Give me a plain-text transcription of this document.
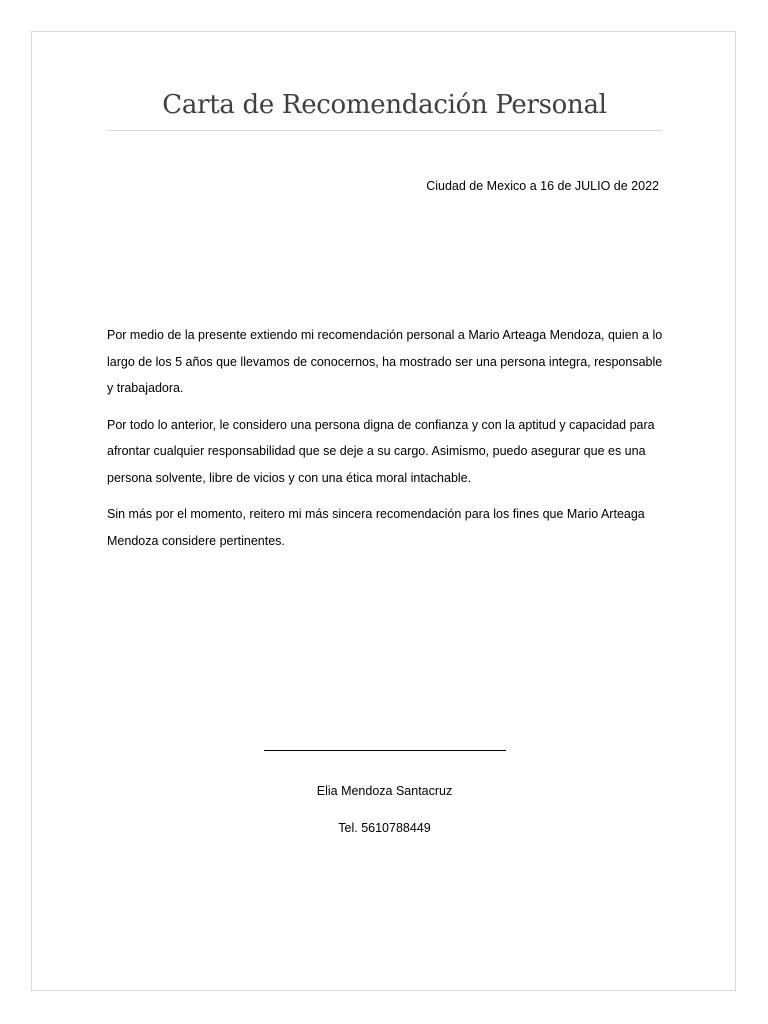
Carta de Recomendación Personal
Ciudad de Mexico a 16 de JULIO de 2022

Por medio de la presente extiendo mi recomendación personal a Mario Arteaga Mendoza, quien a lo largo de los 5 años que llevamos de conocernos, ha mostrado ser una persona integra, responsable y trabajadora.

Por todo lo anterior, le considero una persona digna de confianza y con la aptitud y capacidad para afrontar cualquier responsabilidad que se deje a su cargo. Asimismo, puedo asegurar que es una persona solvente, libre de vicios y con una ética moral intachable.

Sin más por el momento, reitero mi más sincera recomendación para los fines que Mario Arteaga Mendoza considere pertinentes.

Elia Mendoza Santacruz
Tel. 5610788449
